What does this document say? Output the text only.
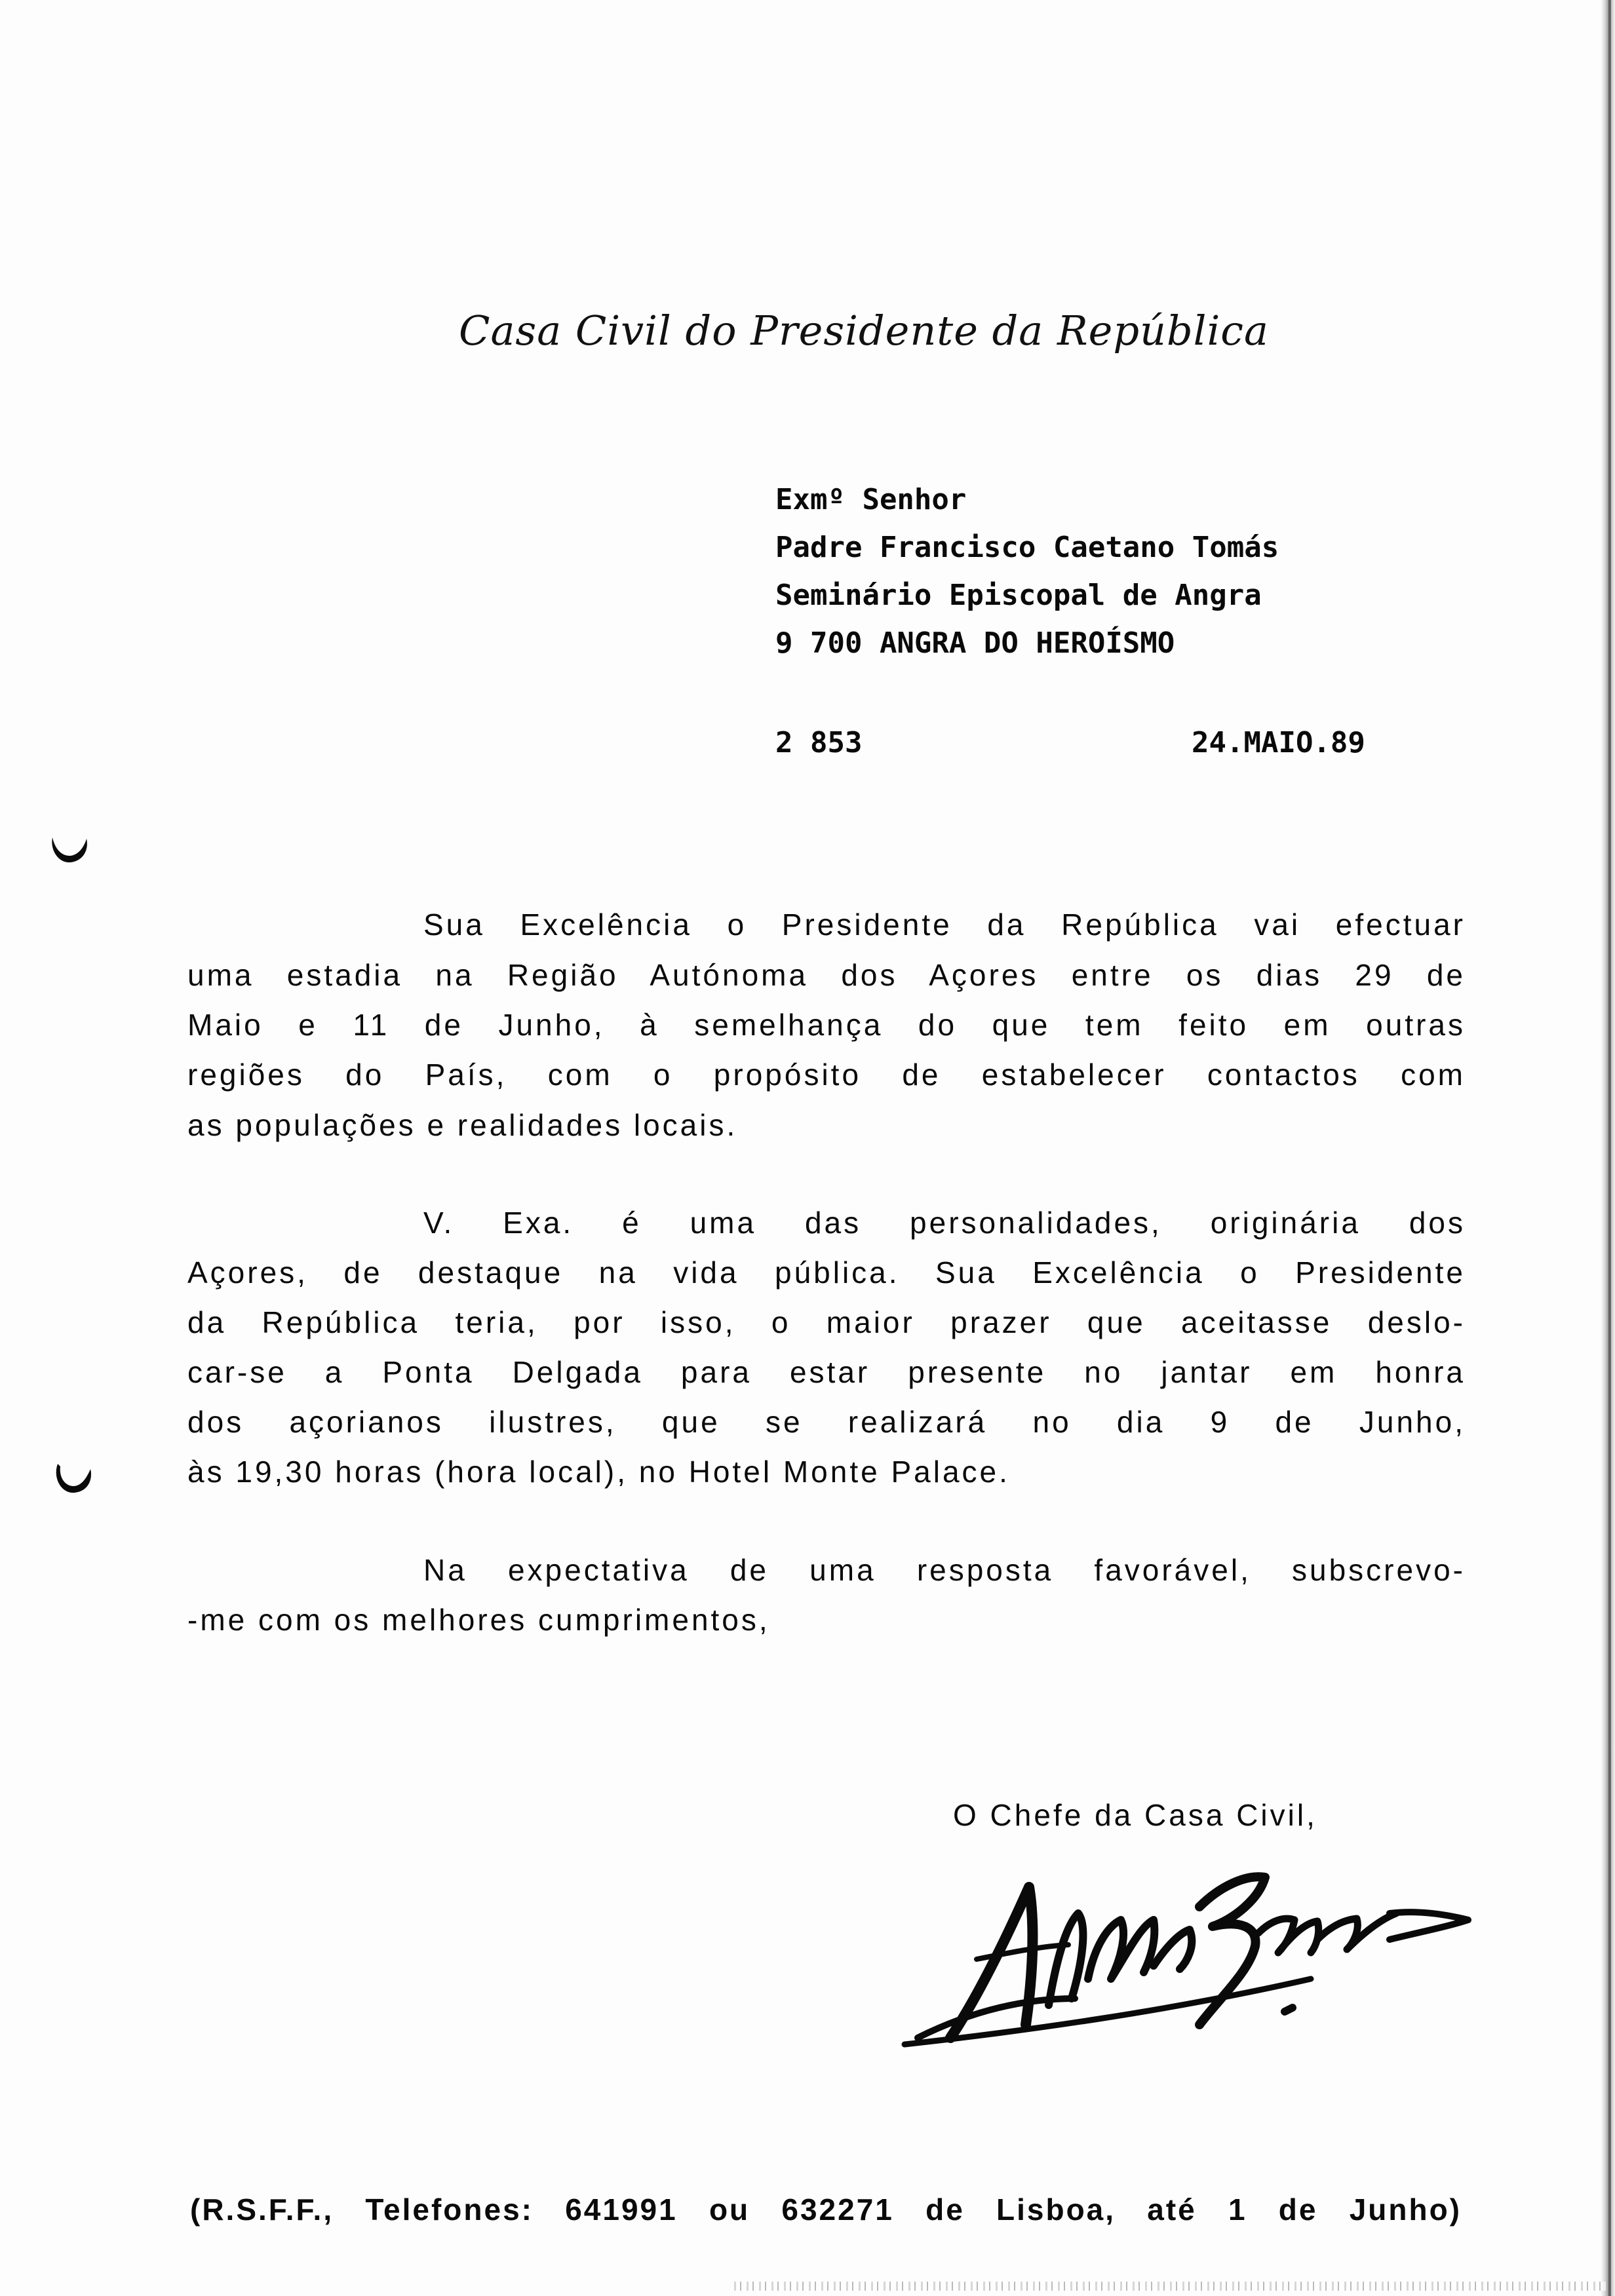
Casa Civil do Presidente da República
Exmº Senhor
Padre Francisco Caetano Tomás
Seminário Episcopal de Angra
9 700 ANGRA DO HEROÍSMO
2 853	24.MAIO.89
Sua Excelência o Presidente da República vai efectuar
uma estadia na Região Autónoma dos Açores entre os dias 29 de
Maio e 11 de Junho, à semelhança do que tem feito em outras
regiões do País, com o propósito de estabelecer contactos com
as populações e realidades locais.
V. Exa. é uma das personalidades, originária dos
Açores, de destaque na vida pública. Sua Excelência o Presidente
da República teria, por isso, o maior prazer que aceitasse deslo-
car-se a Ponta Delgada para estar presente no jantar em honra
dos açorianos ilustres, que se realizará no dia 9 de Junho,
às 19,30 horas (hora local), no Hotel Monte Palace.
Na expectativa de uma resposta favorável, subscrevo-
-me com os melhores cumprimentos,
O Chefe da Casa Civil,
(R.S.F.F., Telefones: 641991 ou 632271 de Lisboa, até 1 de Junho)
